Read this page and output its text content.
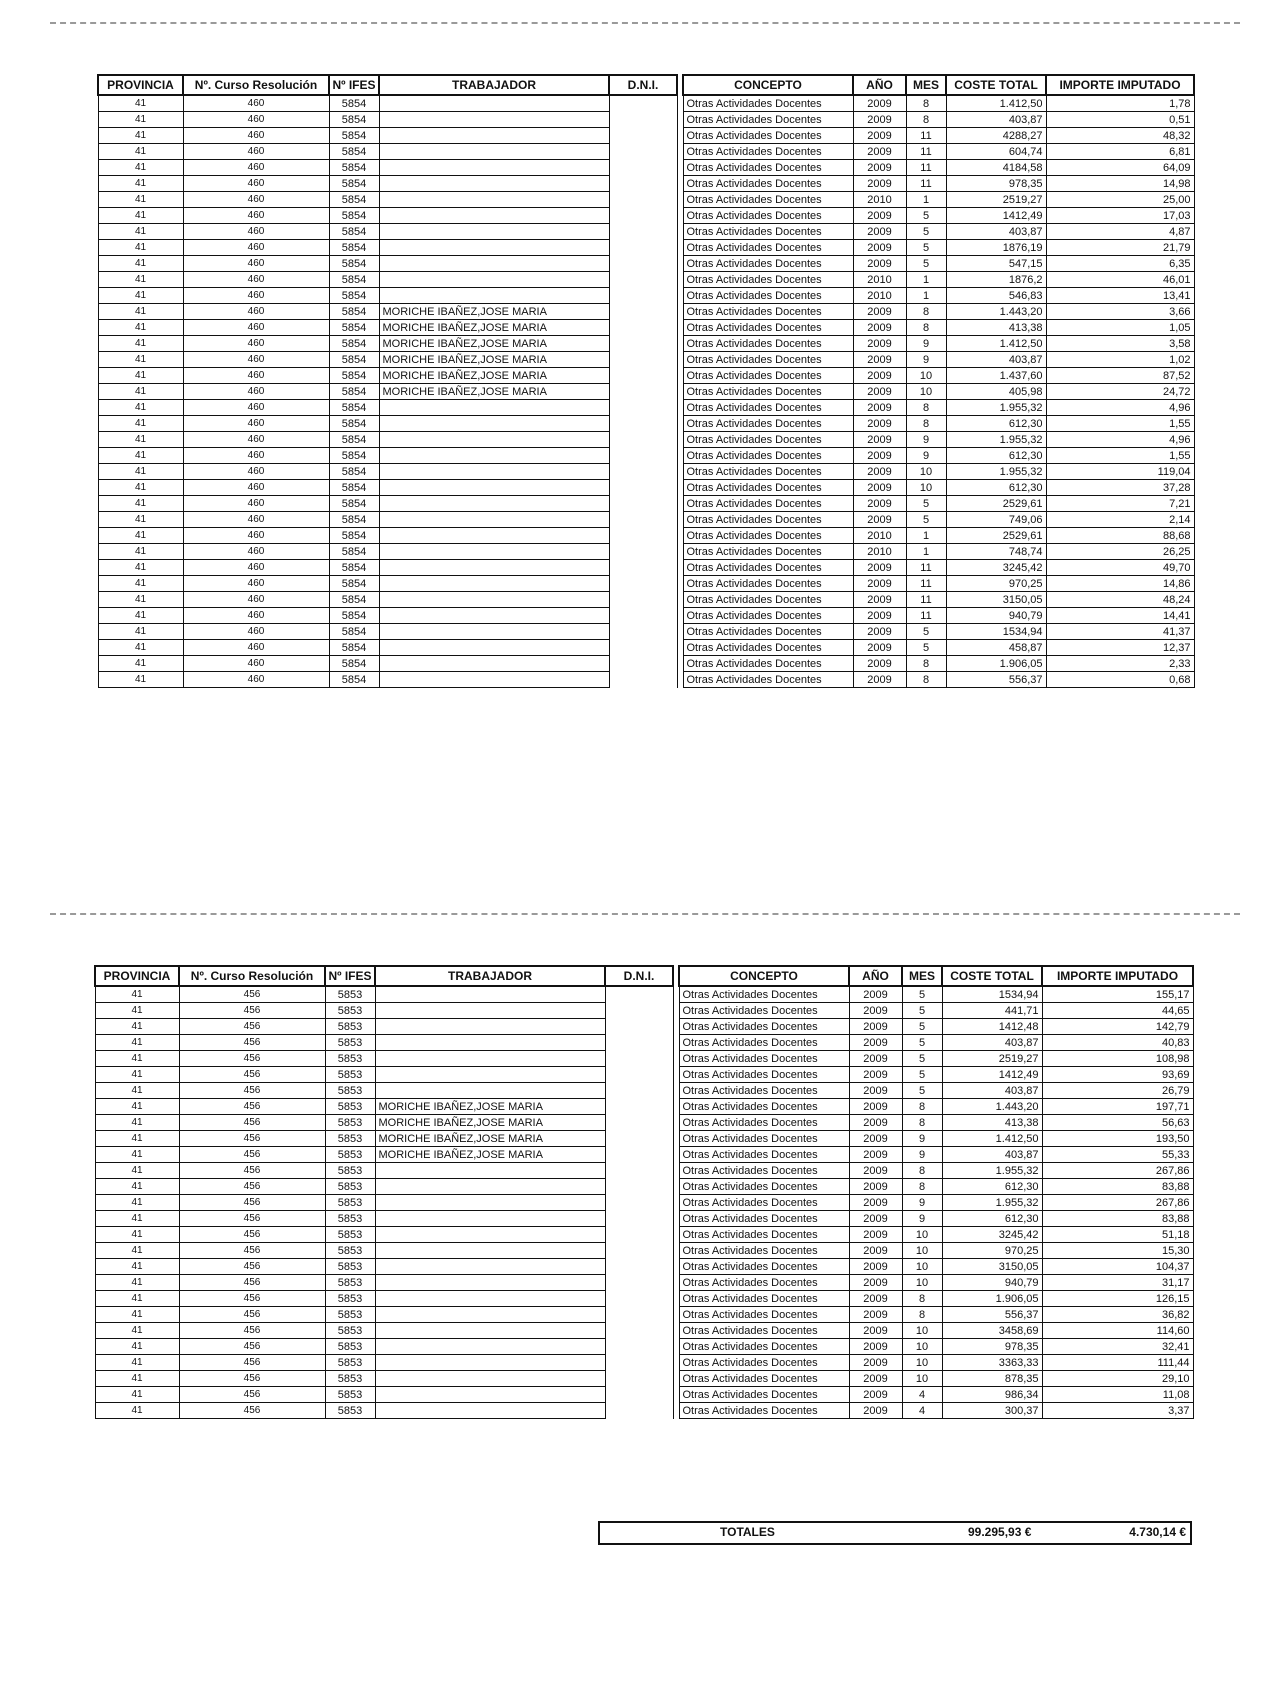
PROVINCIA	Nº. Curso Resolución	Nº IFES	TRABAJADOR	D.N.I.		CONCEPTO	AÑO	MES	COSTE TOTAL	IMPORTE IMPUTADO
41	460	5854				Otras Actividades Docentes	2009	8	1.412,50	1,78
41	460	5854				Otras Actividades Docentes	2009	8	403,87	0,51
41	460	5854				Otras Actividades Docentes	2009	11	4288,27	48,32
41	460	5854				Otras Actividades Docentes	2009	11	604,74	6,81
41	460	5854				Otras Actividades Docentes	2009	11	4184,58	64,09
41	460	5854				Otras Actividades Docentes	2009	11	978,35	14,98
41	460	5854				Otras Actividades Docentes	2010	1	2519,27	25,00
41	460	5854				Otras Actividades Docentes	2009	5	1412,49	17,03
41	460	5854				Otras Actividades Docentes	2009	5	403,87	4,87
41	460	5854				Otras Actividades Docentes	2009	5	1876,19	21,79
41	460	5854				Otras Actividades Docentes	2009	5	547,15	6,35
41	460	5854				Otras Actividades Docentes	2010	1	1876,2	46,01
41	460	5854				Otras Actividades Docentes	2010	1	546,83	13,41
41	460	5854	MORICHE IBAÑEZ,JOSE MARIA			Otras Actividades Docentes	2009	8	1.443,20	3,66
41	460	5854	MORICHE IBAÑEZ,JOSE MARIA			Otras Actividades Docentes	2009	8	413,38	1,05
41	460	5854	MORICHE IBAÑEZ,JOSE MARIA			Otras Actividades Docentes	2009	9	1.412,50	3,58
41	460	5854	MORICHE IBAÑEZ,JOSE MARIA			Otras Actividades Docentes	2009	9	403,87	1,02
41	460	5854	MORICHE IBAÑEZ,JOSE MARIA			Otras Actividades Docentes	2009	10	1.437,60	87,52
41	460	5854	MORICHE IBAÑEZ,JOSE MARIA			Otras Actividades Docentes	2009	10	405,98	24,72
41	460	5854				Otras Actividades Docentes	2009	8	1.955,32	4,96
41	460	5854				Otras Actividades Docentes	2009	8	612,30	1,55
41	460	5854				Otras Actividades Docentes	2009	9	1.955,32	4,96
41	460	5854				Otras Actividades Docentes	2009	9	612,30	1,55
41	460	5854				Otras Actividades Docentes	2009	10	1.955,32	119,04
41	460	5854				Otras Actividades Docentes	2009	10	612,30	37,28
41	460	5854				Otras Actividades Docentes	2009	5	2529,61	7,21
41	460	5854				Otras Actividades Docentes	2009	5	749,06	2,14
41	460	5854				Otras Actividades Docentes	2010	1	2529,61	88,68
41	460	5854				Otras Actividades Docentes	2010	1	748,74	26,25
41	460	5854				Otras Actividades Docentes	2009	11	3245,42	49,70
41	460	5854				Otras Actividades Docentes	2009	11	970,25	14,86
41	460	5854				Otras Actividades Docentes	2009	11	3150,05	48,24
41	460	5854				Otras Actividades Docentes	2009	11	940,79	14,41
41	460	5854				Otras Actividades Docentes	2009	5	1534,94	41,37
41	460	5854				Otras Actividades Docentes	2009	5	458,87	12,37
41	460	5854				Otras Actividades Docentes	2009	8	1.906,05	2,33
41	460	5854				Otras Actividades Docentes	2009	8	556,37	0,68
PROVINCIA	Nº. Curso Resolución	Nº IFES	TRABAJADOR	D.N.I.		CONCEPTO	AÑO	MES	COSTE TOTAL	IMPORTE IMPUTADO
41	456	5853				Otras Actividades Docentes	2009	5	1534,94	155,17
41	456	5853				Otras Actividades Docentes	2009	5	441,71	44,65
41	456	5853				Otras Actividades Docentes	2009	5	1412,48	142,79
41	456	5853				Otras Actividades Docentes	2009	5	403,87	40,83
41	456	5853				Otras Actividades Docentes	2009	5	2519,27	108,98
41	456	5853				Otras Actividades Docentes	2009	5	1412,49	93,69
41	456	5853				Otras Actividades Docentes	2009	5	403,87	26,79
41	456	5853	MORICHE IBAÑEZ,JOSE MARIA			Otras Actividades Docentes	2009	8	1.443,20	197,71
41	456	5853	MORICHE IBAÑEZ,JOSE MARIA			Otras Actividades Docentes	2009	8	413,38	56,63
41	456	5853	MORICHE IBAÑEZ,JOSE MARIA			Otras Actividades Docentes	2009	9	1.412,50	193,50
41	456	5853	MORICHE IBAÑEZ,JOSE MARIA			Otras Actividades Docentes	2009	9	403,87	55,33
41	456	5853				Otras Actividades Docentes	2009	8	1.955,32	267,86
41	456	5853				Otras Actividades Docentes	2009	8	612,30	83,88
41	456	5853				Otras Actividades Docentes	2009	9	1.955,32	267,86
41	456	5853				Otras Actividades Docentes	2009	9	612,30	83,88
41	456	5853				Otras Actividades Docentes	2009	10	3245,42	51,18
41	456	5853				Otras Actividades Docentes	2009	10	970,25	15,30
41	456	5853				Otras Actividades Docentes	2009	10	3150,05	104,37
41	456	5853				Otras Actividades Docentes	2009	10	940,79	31,17
41	456	5853				Otras Actividades Docentes	2009	8	1.906,05	126,15
41	456	5853				Otras Actividades Docentes	2009	8	556,37	36,82
41	456	5853				Otras Actividades Docentes	2009	10	3458,69	114,60
41	456	5853				Otras Actividades Docentes	2009	10	978,35	32,41
41	456	5853				Otras Actividades Docentes	2009	10	3363,33	111,44
41	456	5853				Otras Actividades Docentes	2009	10	878,35	29,10
41	456	5853				Otras Actividades Docentes	2009	4	986,34	11,08
41	456	5853				Otras Actividades Docentes	2009	4	300,37	3,37
TOTALES	99.295,93 €	4.730,14 €
